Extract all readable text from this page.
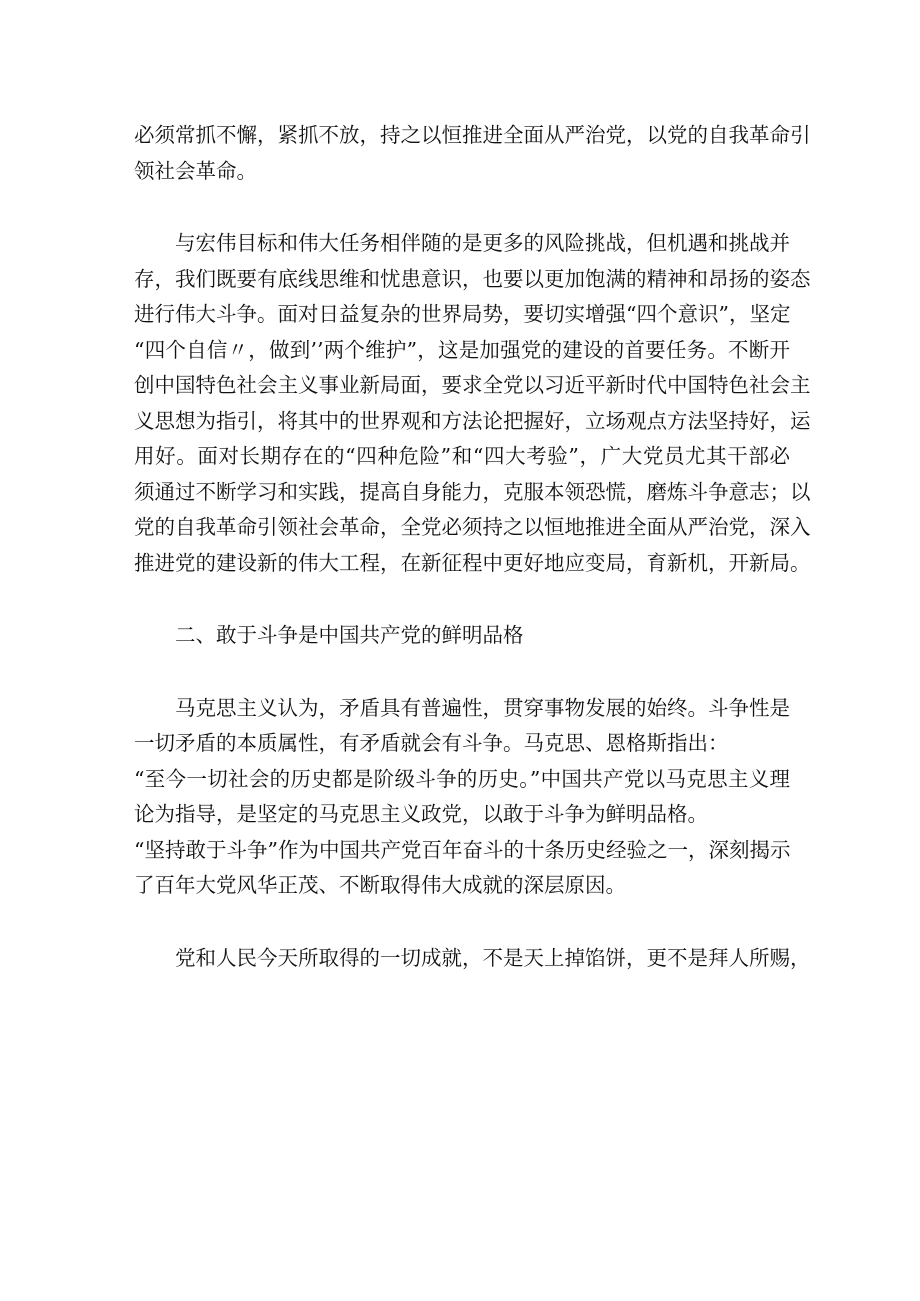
必须常抓不懈，紧抓不放，持之以恒推进全面从严治党，以党的自我革命引
领社会革命。

与宏伟目标和伟大任务相伴随的是更多的风险挑战，但机遇和挑战并
存，我们既要有底线思维和忧患意识，也要以更加饱满的精神和昂扬的姿态
进行伟大斗争。面对日益复杂的世界局势，要切实增强“四个意识”，坚定
“四个自信〃，做到’’两个维护”，这是加强党的建设的首要任务。不断开
创中国特色社会主义事业新局面，要求全党以习近平新时代中国特色社会主
义思想为指引，将其中的世界观和方法论把握好，立场观点方法坚持好，运
用好。面对长期存在的“四种危险”和“四大考验”，广大党员尤其干部必
须通过不断学习和实践，提高自身能力，克服本领恐慌，磨炼斗争意志；以
党的自我革命引领社会革命，全党必须持之以恒地推进全面从严治党，深入
推进党的建设新的伟大工程，在新征程中更好地应变局，育新机，开新局。

二、敢于斗争是中国共产党的鲜明品格

马克思主义认为，矛盾具有普遍性，贯穿事物发展的始终。斗争性是
一切矛盾的本质属性，有矛盾就会有斗争。马克思、恩格斯指出：
“至今一切社会的历史都是阶级斗争的历史。”中国共产党以马克思主义理
论为指导，是坚定的马克思主义政党，以敢于斗争为鲜明品格。
“坚持敢于斗争”作为中国共产党百年奋斗的十条历史经验之一，深刻揭示
了百年大党风华正茂、不断取得伟大成就的深层原因。

党和人民今天所取得的一切成就，不是天上掉馅饼，更不是拜人所赐，
